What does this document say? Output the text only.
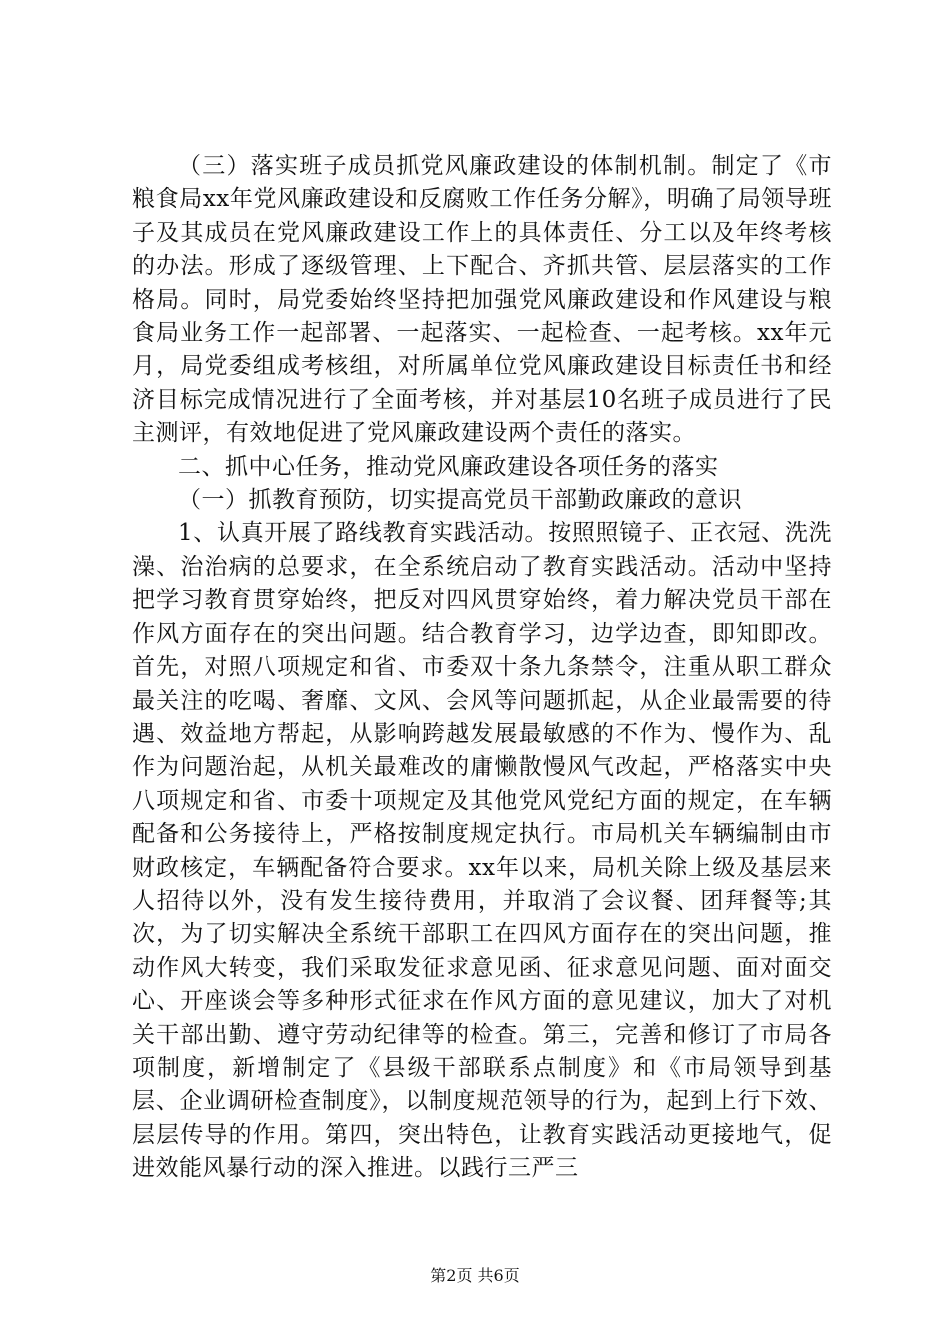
（三）落实班子成员抓党风廉政建设的体制机制。制定了《市粮食局xx年党风廉政建设和反腐败工作任务分解》，明确了局领导班子及其成员在党风廉政建设工作上的具体责任、分工以及年终考核的办法。形成了逐级管理、上下配合、齐抓共管、层层落实的工作格局。同时，局党委始终坚持把加强党风廉政建设和作风建设与粮食局业务工作一起部署、一起落实、一起检查、一起考核。xx年元月，局党委组成考核组，对所属单位党风廉政建设目标责任书和经济目标完成情况进行了全面考核，并对基层10名班子成员进行了民主测评，有效地促进了党风廉政建设两个责任的落实。

二、抓中心任务，推动党风廉政建设各项任务的落实

（一）抓教育预防，切实提高党员干部勤政廉政的意识

1、认真开展了路线教育实践活动。按照照镜子、正衣冠、洗洗澡、治治病的总要求，在全系统启动了教育实践活动。活动中坚持把学习教育贯穿始终，把反对四风贯穿始终，着力解决党员干部在作风方面存在的突出问题。结合教育学习，边学边查，即知即改。首先，对照八项规定和省、市委双十条九条禁令，注重从职工群众最关注的吃喝、奢靡、文风、会风等问题抓起，从企业最需要的待遇、效益地方帮起，从影响跨越发展最敏感的不作为、慢作为、乱作为问题治起，从机关最难改的庸懒散慢风气改起，严格落实中央八项规定和省、市委十项规定及其他党风党纪方面的规定，在车辆配备和公务接待上，严格按制度规定执行。市局机关车辆编制由市财政核定，车辆配备符合要求。xx年以来，局机关除上级及基层来人招待以外，没有发生接待费用，并取消了会议餐、团拜餐等;其次，为了切实解决全系统干部职工在四风方面存在的突出问题，推动作风大转变，我们采取发征求意见函、征求意见问题、面对面交心、开座谈会等多种形式征求在作风方面的意见建议，加大了对机关干部出勤、遵守劳动纪律等的检查。第三，完善和修订了市局各项制度，新增制定了《县级干部联系点制度》和《市局领导到基层、企业调研检查制度》，以制度规范领导的行为，起到上行下效、层层传导的作用。第四，突出特色，让教育实践活动更接地气，促进效能风暴行动的深入推进。以践行三严三

第2页 共6页
